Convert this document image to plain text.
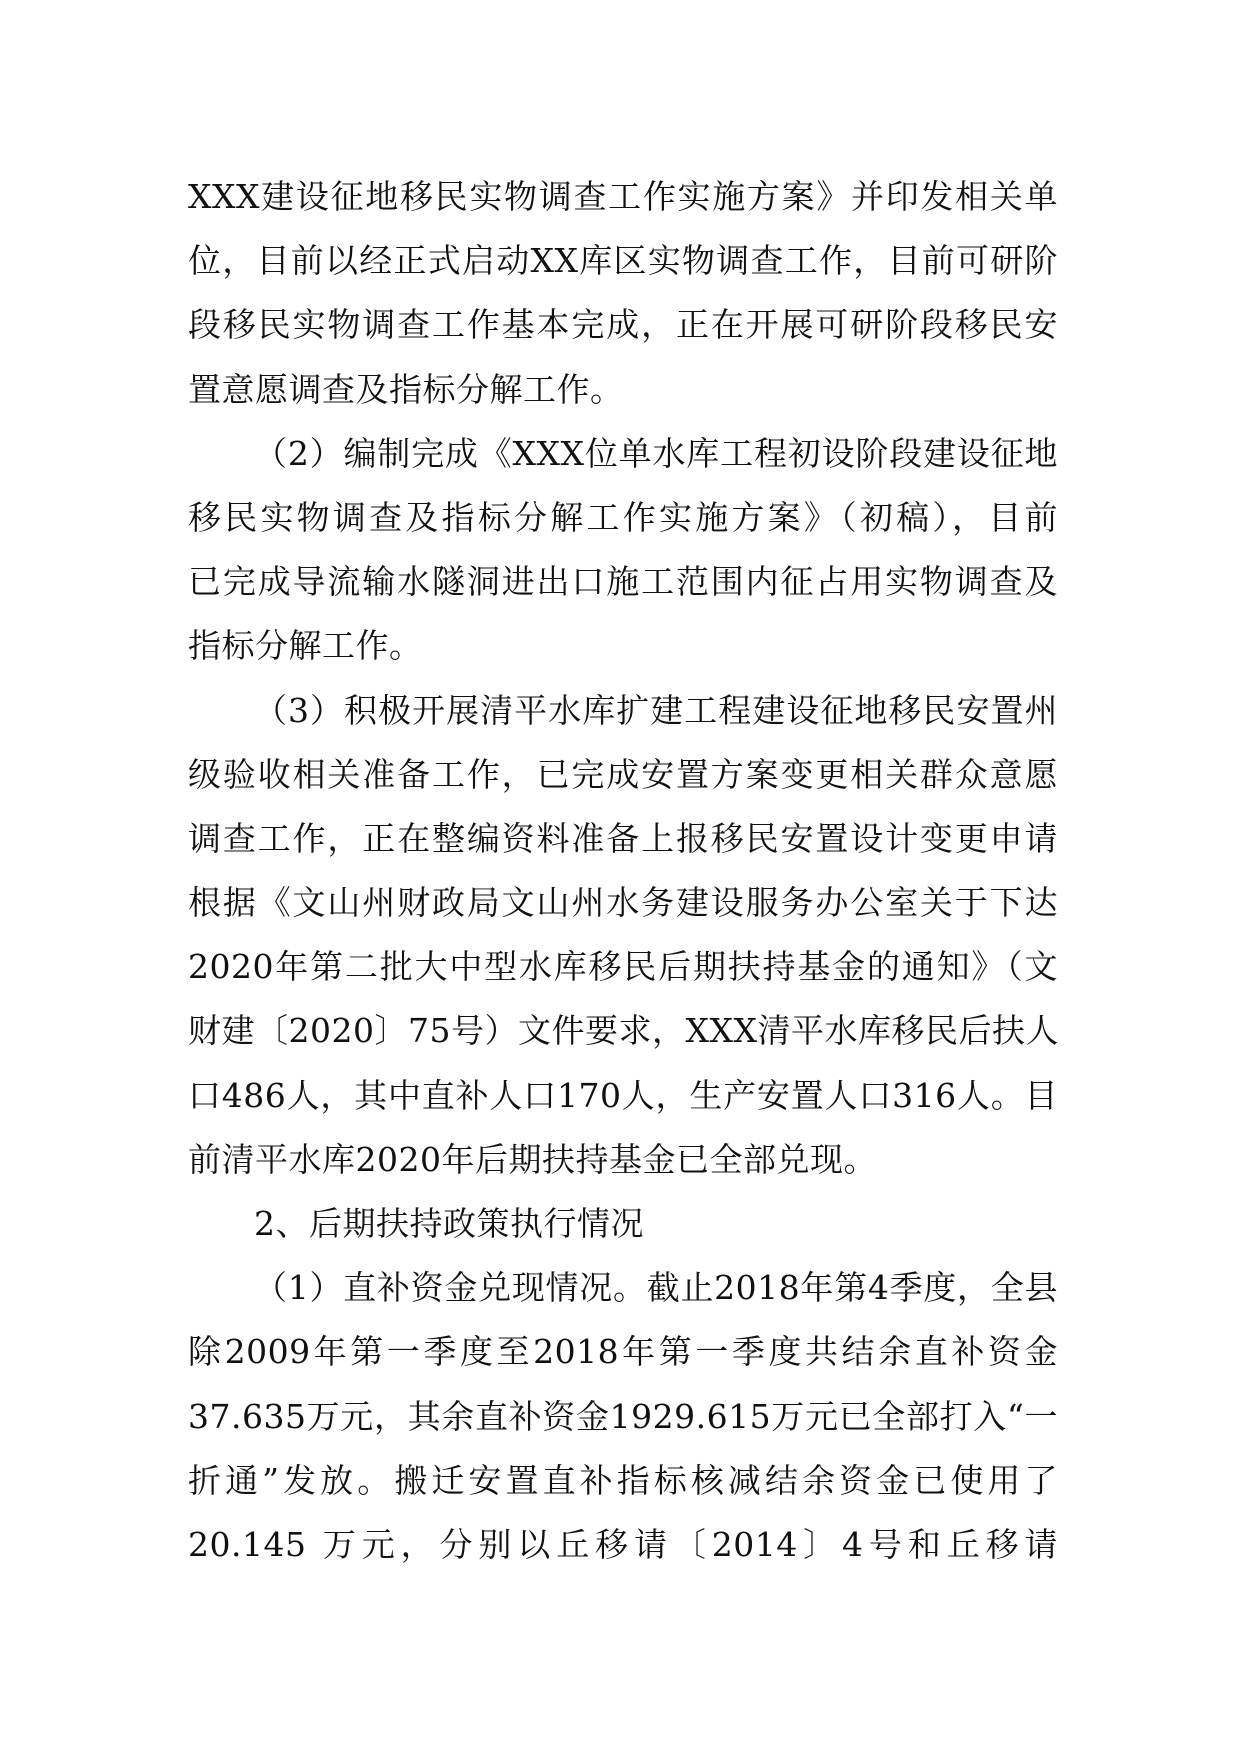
XXX建设征地移民实物调查工作实施方案》并印发相关单
位，目前以经正式启动XX库区实物调查工作，目前可研阶
段移民实物调查工作基本完成，正在开展可研阶段移民安
置意愿调查及指标分解工作。
（2）编制完成《XXX位单水库工程初设阶段建设征地
移民实物调查及指标分解工作实施方案》（初稿），目前
已完成导流输水隧洞进出口施工范围内征占用实物调查及
指标分解工作。
（3）积极开展清平水库扩建工程建设征地移民安置州
级验收相关准备工作，已完成安置方案变更相关群众意愿
调查工作，正在整编资料准备上报移民安置设计变更申请
根据《文山州财政局文山州水务建设服务办公室关于下达
2020年第二批大中型水库移民后期扶持基金的通知》（文
财建〔2020〕75号）文件要求，XXX清平水库移民后扶人
口486人，其中直补人口170人，生产安置人口316人。目
前清平水库2020年后期扶持基金已全部兑现。
2、后期扶持政策执行情况
（1）直补资金兑现情况。截止2018年第4季度，全县
除2009年第一季度至2018年第一季度共结余直补资金
37.635万元，其余直补资金1929.615万元已全部打入“一
折通”发放。搬迁安置直补指标核减结余资金已使用了
20.145 万元，分别以丘移请〔2014〕4号和丘移请
